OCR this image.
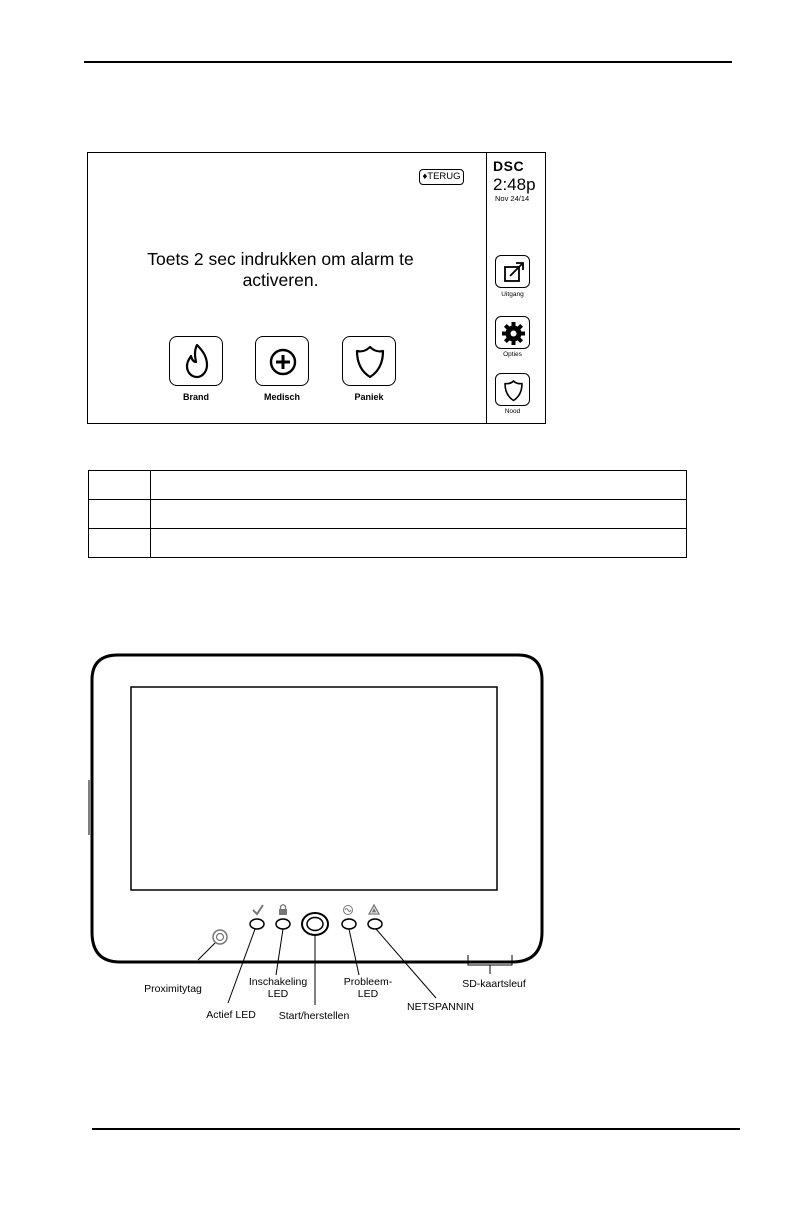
♦TERUG
Toets 2 sec indrukken om alarm te activeren.
Brand	Medisch	Paniek
DSC
2:48p
Nov 24/14
Uitgang
Opties
Nood

Proximitytag
Inschakeling
LED
Actief LED	Start/herstellen
Probleem-
LED
NETSPANNIN
SD-kaartsleuf
